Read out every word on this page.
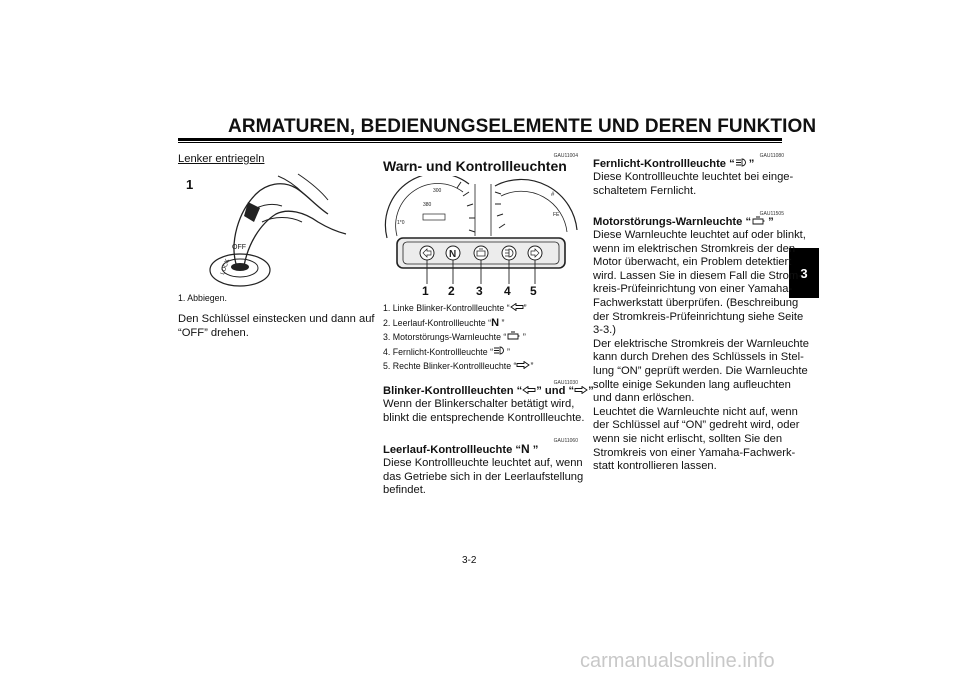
ARMATUREN, BEDIENUNGSELEMENTE UND DEREN FUNKTION
3
Lenker entriegeln
1
OFF
LOCK
1. Abbiegen.
Den Schlüssel einstecken und dann auf
“OFF” drehen.
GAU11004
Warn- und Kontrollleuchten
300
380
1*0
FE
#
N
1 2 3 4 5
1. Linke Blinker-Kontrollleuchte “ ”
2. Leerlauf-Kontrollleuchte “N ”
3. Motorstörungs-Warnleuchte “ ”
4. Fernlicht-Kontrollleuchte “ ”
5. Rechte Blinker-Kontrollleuchte “ ”
GAU11030
Blinker-Kontrollleuchten “ ” und “ ”
Wenn der Blinkerschalter betätigt wird,
blinkt die entsprechende Kontrollleuchte.
GAU11060
Leerlauf-Kontrollleuchte “N ”
Diese Kontrollleuchte leuchtet auf, wenn
das Getriebe sich in der Leerlaufstellung
befindet.
GAU11080
Fernlicht-Kontrollleuchte “ ”
Diese Kontrollleuchte leuchtet bei einge-
schaltetem Fernlicht.
GAU11505
Motorstörungs-Warnleuchte “ ”
Diese Warnleuchte leuchtet auf oder blinkt,
wenn im elektrischen Stromkreis der den
Motor überwacht, ein Problem detektiert
wird. Lassen Sie in diesem Fall die Strom-
kreis-Prüfeinrichtung von einer Yamaha-
Fachwerkstatt überprüfen. (Beschreibung
der Stromkreis-Prüfeinrichtung siehe Seite
3-3.)
Der elektrische Stromkreis der Warnleuchte
kann durch Drehen des Schlüssels in Stel-
lung “ON” geprüft werden. Die Warnleuchte
sollte einige Sekunden lang aufleuchten
und dann erlöschen.
Leuchtet die Warnleuchte nicht auf, wenn
der Schlüssel auf “ON” gedreht wird, oder
wenn sie nicht erlischt, sollten Sie den
Stromkreis von einer Yamaha-Fachwerk-
statt kontrollieren lassen.
3-2
carmanualsonline.info
